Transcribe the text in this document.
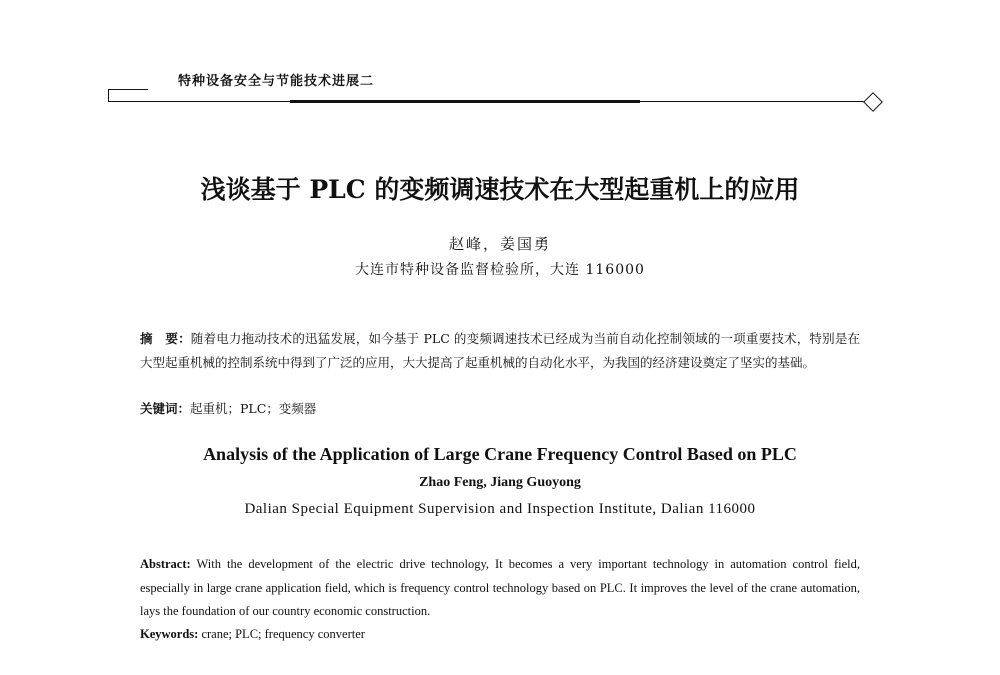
特种设备安全与节能技术进展二
浅谈基于 PLC 的变频调速技术在大型起重机上的应用
赵峰，姜国勇
大连市特种设备监督检验所，大连 116000
摘　要：随着电力拖动技术的迅猛发展，如今基于 PLC 的变频调速技术已经成为当前自动化控制领域的一项重要技术，特别是在大型起重机械的控制系统中得到了广泛的应用，大大提高了起重机械的自动化水平，为我国的经济建设奠定了坚实的基础。
关键词：起重机；PLC；变频器
Analysis of the Application of Large Crane Frequency Control Based on PLC
Zhao Feng, Jiang Guoyong
Dalian Special Equipment Supervision and Inspection Institute, Dalian 116000
Abstract: With the development of the electric drive technology, It becomes a very important technology in automation control field, especially in large crane application field, which is frequency control technology based on PLC. It improves the level of the crane automation, lays the foundation of our country economic construction.
Keywords: crane; PLC; frequency converter
